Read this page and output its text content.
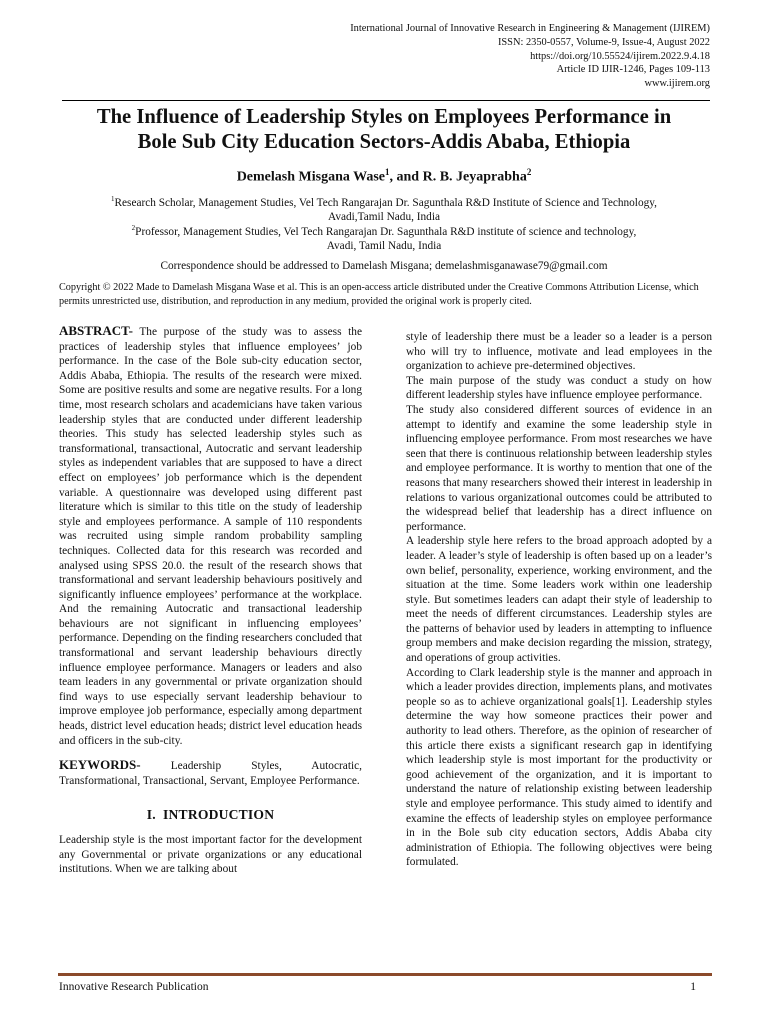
International Journal of Innovative Research in Engineering & Management (IJIREM)
ISSN: 2350-0557, Volume-9, Issue-4, August 2022
https://doi.org/10.55524/ijirem.2022.9.4.18
Article ID IJIR-1246, Pages 109-113
www.ijirem.org
The Influence of Leadership Styles on Employees Performance in
Bole Sub City Education Sectors-Addis Ababa, Ethiopia
Demelash Misgana Wase$^1$, and R. B. Jeyaprabha$^2$
$^1$Research Scholar, Management Studies, Vel Tech Rangarajan Dr. Sagunthala R&D Institute of Science and Technology,
Avadi,Tamil Nadu, India
$^2$Professor, Management Studies, Vel Tech Rangarajan Dr. Sagunthala R&D institute of science and technology,
Avadi, Tamil Nadu, India
Correspondence should be addressed to Damelash Misgana; demelashmisganawase79@gmail.com
Copyright © 2022 Made to Damelash Misgana Wase et al. This is an open-access article distributed under the Creative Commons Attribution License, which permits unrestricted use, distribution, and reproduction in any medium, provided the original work is properly cited.

ABSTRACT- The purpose of the study was to assess the practices of leadership styles that influence employees’ job performance. In the case of the Bole sub-city education sector, Addis Ababa, Ethiopia. The results of the research were mixed. Some are positive results and some are negative results. For a long time, most research scholars and academicians have taken various leadership styles that are conducted under different leadership theories. This study has selected leadership styles such as transformational, transactional, Autocratic and servant leadership styles as independent variables that are supposed to have a direct effect on employees’ job performance which is the dependent variable. A questionnaire was developed using different past literature which is similar to this title on the study of leadership style and employees performance. A sample of 110 respondents was recruited using simple random probability sampling techniques. Collected data for this research was recorded and analysed using SPSS 20.0. the result of the research shows that transformational and servant leadership behaviours positively and significantly influence employees’ performance at the workplace. And the remaining Autocratic and transactional leadership behaviours are not significant in influencing employees’ performance. Depending on the finding researchers concluded that transformational and servant leadership behaviours directly influence employee performance. Managers or leaders and also team leaders in any governmental or private organization should find ways to use especially servant leadership behaviour to improve employee job performance, especially among department heads, district level education heads; district level education heads and officers in the sub-city.

KEYWORDS- Leadership Styles, Autocratic, Transformational, Transactional, Servant, Employee Performance.

I.  INTRODUCTION

Leadership style is the most important factor for the development any Governmental or private organizations or any educational institutions. When we are talking about

style of leadership there must be a leader so a leader is a person who will try to influence, motivate and lead employees in the organization to achieve pre-determined objectives.

The main purpose of the study was conduct a study on how different leadership styles have influence employee performance.

The study also considered different sources of evidence in an attempt to identify and examine the some leadership style in influencing employee performance. From most researches we have seen that there is continuous relationship between leadership styles and employee performance. It is worthy to mention that one of the reasons that many researchers showed their interest in leadership in relations to various organizational outcomes could be attributed to the widespread belief that leadership has a direct influence on performance.

A leadership style here refers to the broad approach adopted by a leader. A leader’s style of leadership is often based up on a leader’s own belief, personality, experience, working environment, and the situation at the time. Some leaders work within one leadership style. But sometimes leaders can adapt their style of leadership to meet the needs of different circumstances. Leadership styles are the patterns of behavior used by leaders in attempting to influence group members and make decision regarding the mission, strategy, and operations of group activities.

According to Clark leadership style is the manner and approach in which a leader provides direction, implements plans, and motivates people so as to achieve organizational goals[1]. Leadership styles determine the way how someone practices their power and authority to lead others. Therefore, as the opinion of researcher of this article there exists a significant research gap in identifying which leadership style is most important for the productivity or good achievement of the organization, and it is important to understand the nature of relationship existing between leadership style and employee performance. This study aimed to identify and examine the effects of leadership styles on employee performance in in the Bole sub city education sectors, Addis Ababa city administration of Ethiopia. The following objectives were being formulated.

Innovative Research Publication	1
